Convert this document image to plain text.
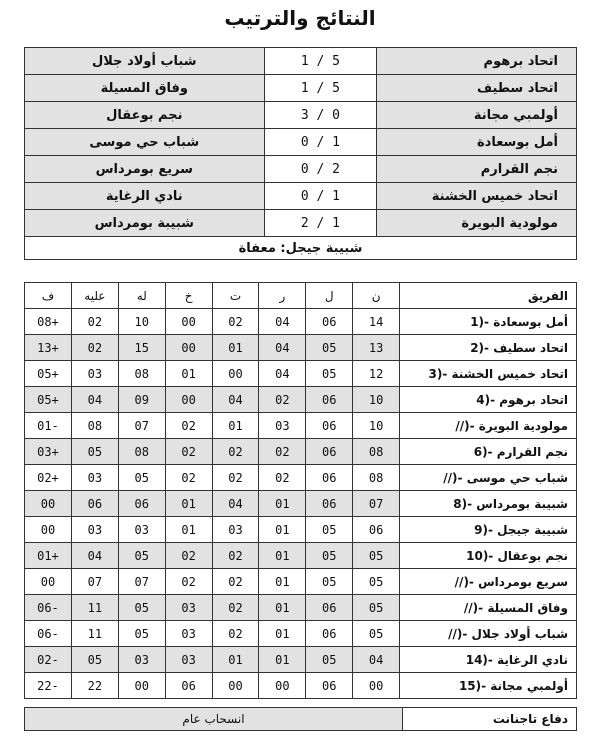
النتائج والترتيب
شباب أولاد جلال	1 / 5	اتحاد برهوم
وفاق المسيلة	1 / 5	اتحاد سطيف
نجم بوعقال	3 / 0	أولمبي مجانة
شباب حي موسى	0 / 1	أمل بوسعادة
سريع بومرداس	0 / 2	نجم القرارم
نادي الرغاية	0 / 1	اتحاد خميس الخشنة
شبيبة بومرداس	2 / 1	مولودية البويرة
شبيبة جيجل: معفاة		
ف	عليه	له	خ	ت	ر	ل	ن	الفريق
08+	02	10	00	02	04	06	14	1)- أمل بوسعادة
13+	02	15	00	01	04	05	13	2)- اتحاد سطيف
05+	03	08	01	00	04	05	12	3)- اتحاد خميس الخشنة
05+	04	09	00	04	02	06	10	4)- اتحاد برهوم
01-	08	07	02	01	03	06	10	//)- مولودية البويرة
03+	05	08	02	02	02	06	08	6)- نجم القرارم
02+	03	05	02	02	02	06	08	//)- شباب حي موسى
00	06	06	01	04	01	06	07	8)- شبيبة بومرداس
00	03	03	01	03	01	05	06	9)- شبيبة جيجل
01+	04	05	02	02	01	05	05	10)- نجم بوعقال
00	07	07	02	02	01	05	05	//)- سريع بومرداس
06-	11	05	03	02	01	06	05	//)- وفاق المسيلة
06-	11	05	03	02	01	06	05	//)- شباب أولاد جلال
02-	05	03	03	01	01	05	04	14)- نادي الرغاية
22-	22	00	06	00	00	06	00	15)- أولمبي مجانة
انسحاب عام	دفاع تاجنانت
